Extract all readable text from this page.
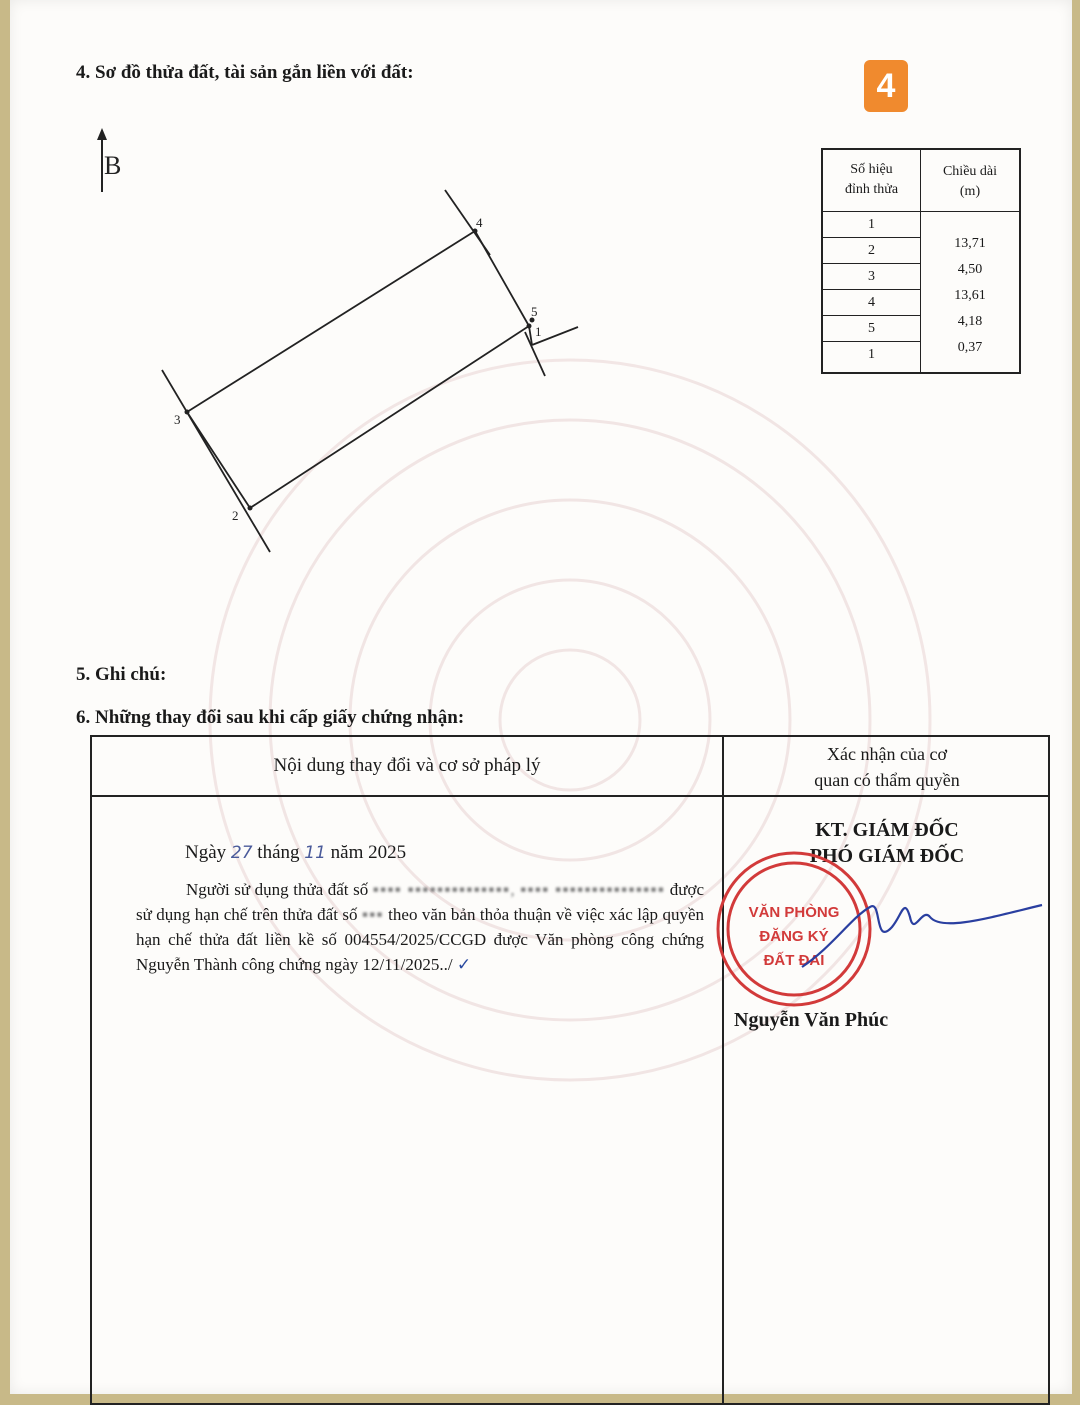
4. Sơ đồ thửa đất, tài sản gắn liền với đất:	4
B
4
5
1
3
2
Số hiệu
đỉnh thửa
Chiều dài
(m)
1
2
3
4
5
1
13,71
4,50
13,61
4,18
0,37
5. Ghi chú:
6. Những thay đổi sau khi cấp giấy chứng nhận:
Nội dung thay đổi và cơ sở pháp lý
Xác nhận của cơ
quan có thẩm quyền
Ngày 27 tháng 11 năm 2025
Người sử dụng thửa đất số ▪▪▪▪ ▪▪▪▪▪▪▪▪▪▪▪▪▪▪, ▪▪▪▪ ▪▪▪▪▪▪▪▪▪▪▪▪▪▪▪ được sử dụng hạn chế trên thửa đất số ▪▪▪ theo văn bản thỏa thuận về việc xác lập quyền hạn chế thửa đất liền kề số 004554/2025/CCGD được Văn phòng công chứng Nguyễn Thành công chứng ngày 12/11/2025../ ✓
KT. GIÁM ĐỐC
PHÓ GIÁM ĐỐC
VĂN PHÒNG
ĐĂNG KÝ
ĐẤT ĐAI
Nguyễn Văn Phúc
